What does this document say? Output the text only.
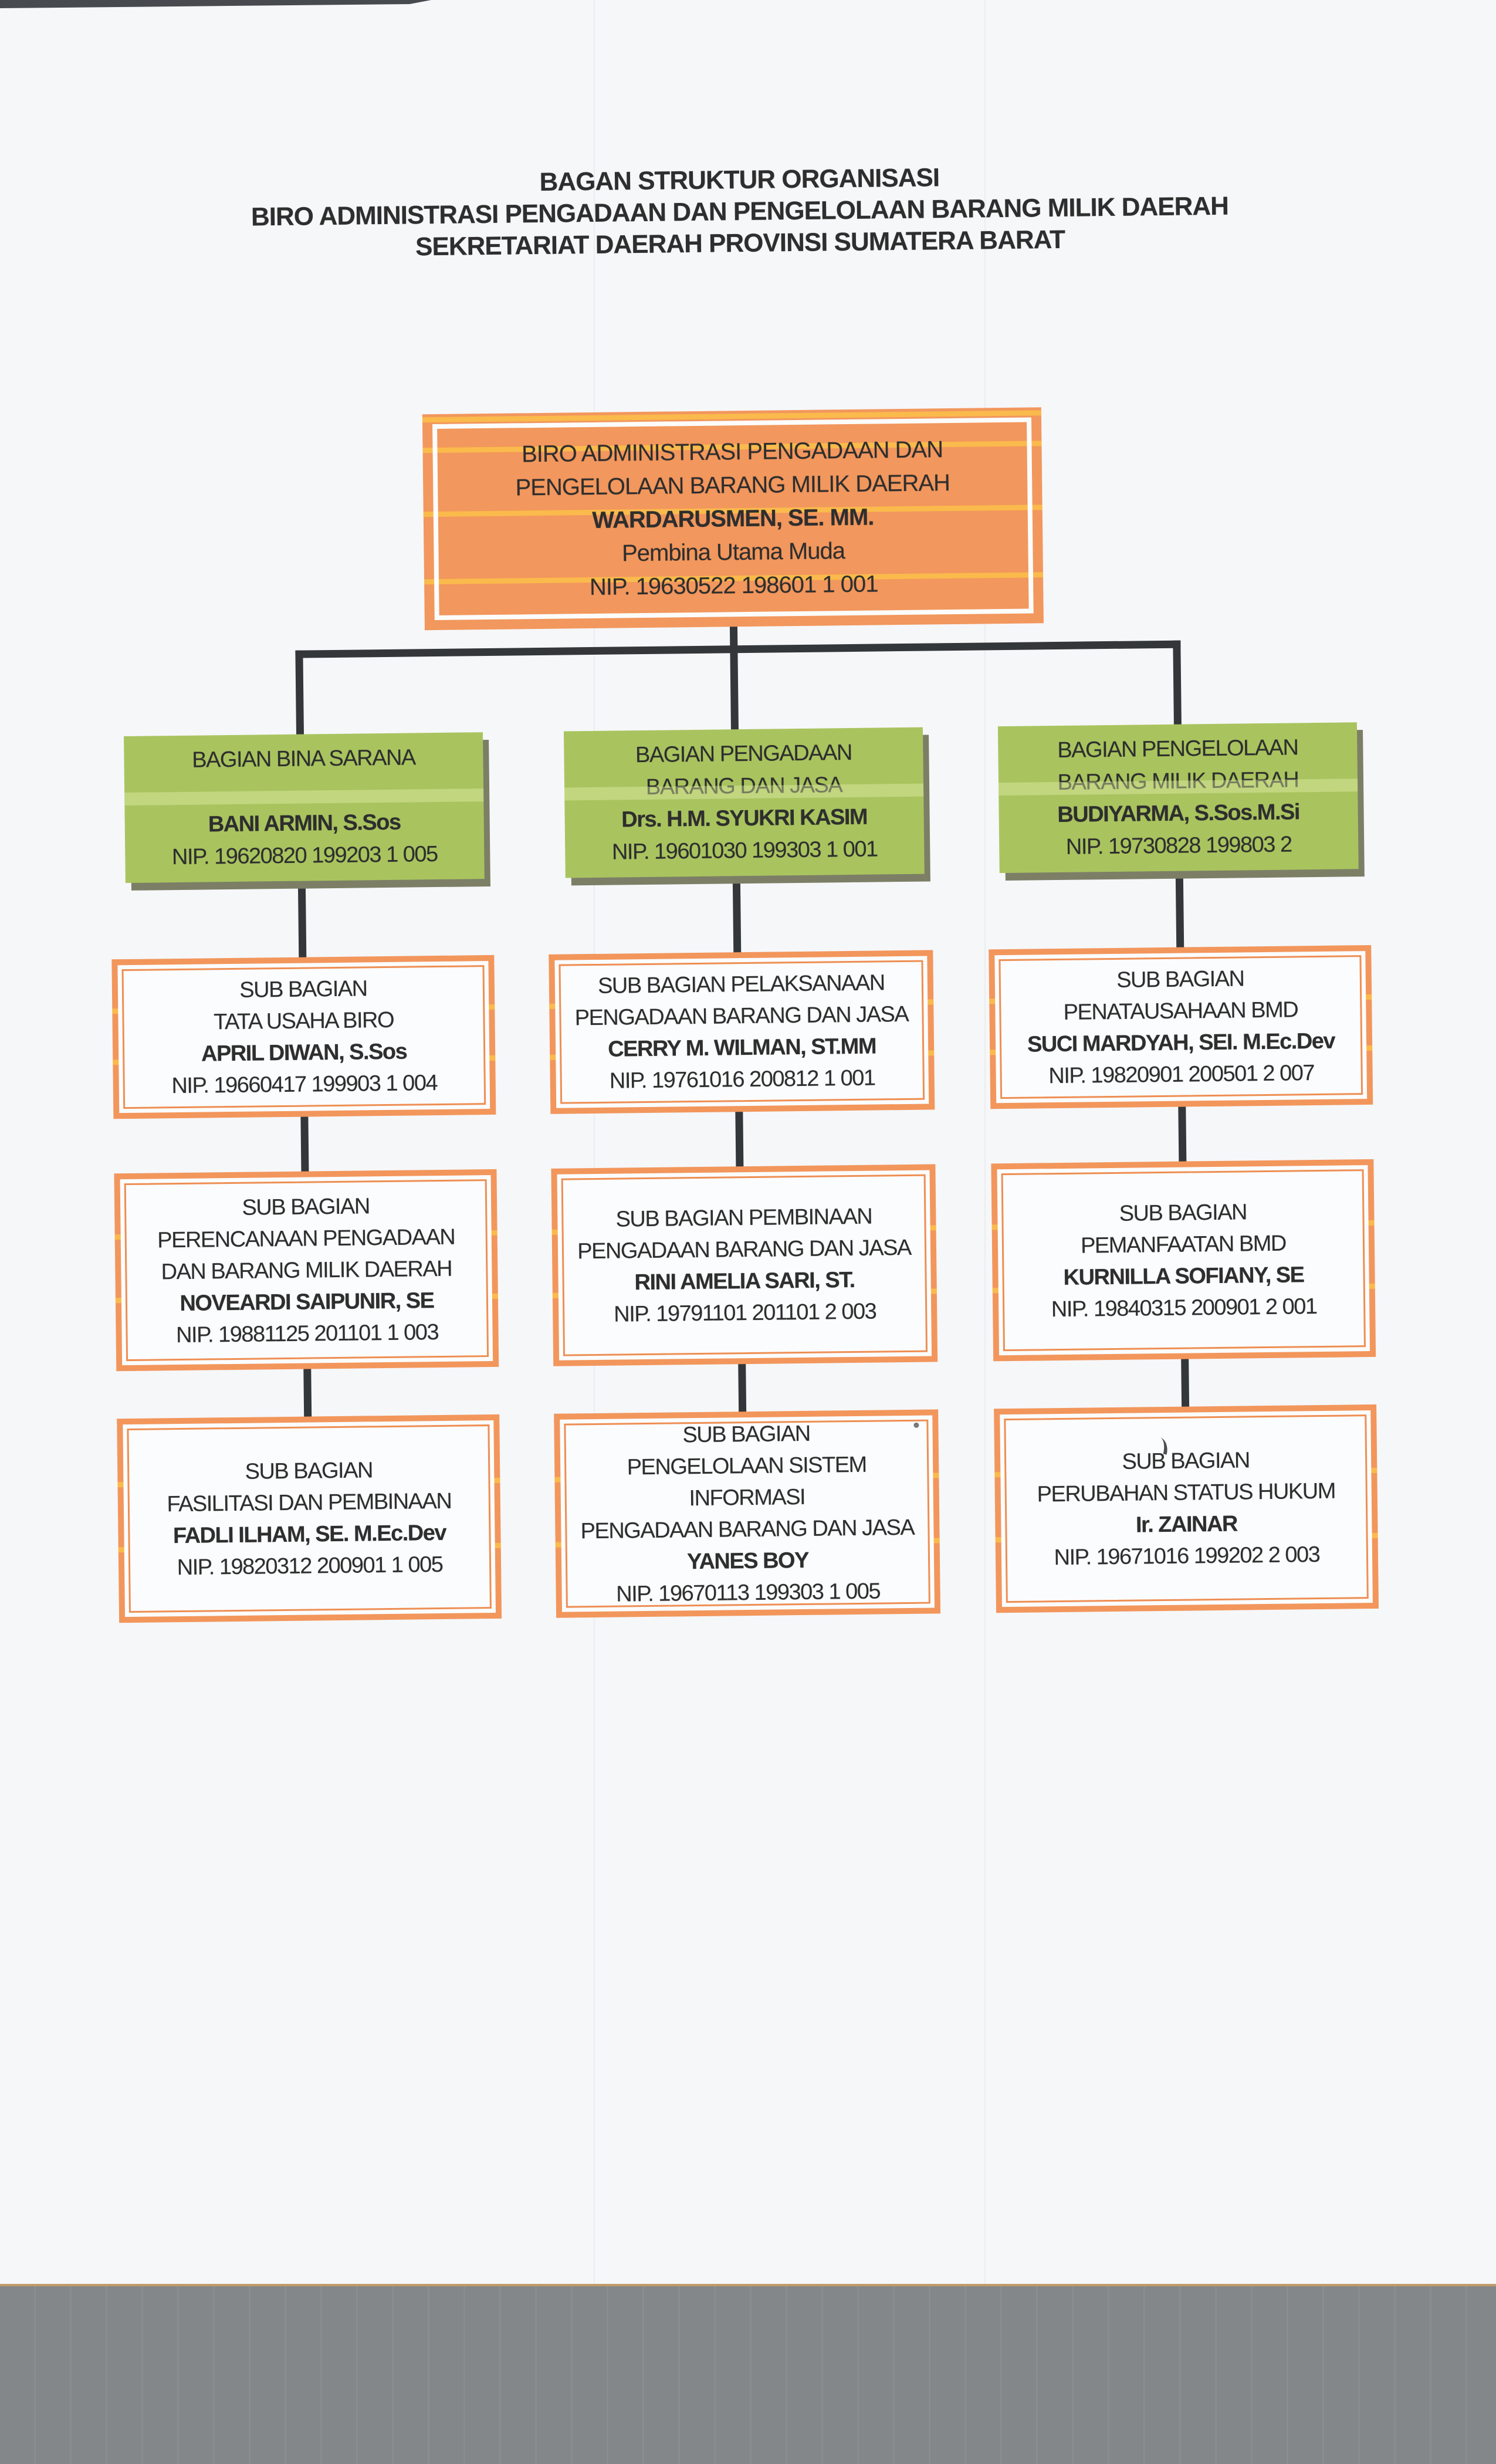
BAGAN STRUKTUR ORGANISASI
BIRO ADMINISTRASI PENGADAAN DAN PENGELOLAAN BARANG MILIK DAERAH
SEKRETARIAT DAERAH PROVINSI SUMATERA BARAT
BIRO ADMINISTRASI PENGADAAN DAN
PENGELOLAAN BARANG MILIK DAERAH
WARDARUSMEN, SE. MM.
Pembina Utama Muda
NIP. 19630522 198601 1 001
BAGIAN BINA SARANA
BANI ARMIN, S.Sos
NIP. 19620820 199203 1 005
BAGIAN PENGADAAN
BARANG DAN JASA
Drs. H.M. SYUKRI KASIM
NIP. 19601030 199303 1 001
BAGIAN PENGELOLAAN
BARANG MILIK DAERAH
BUDIYARMA, S.Sos.M.Si
NIP. 19730828 199803 2
SUB BAGIAN
TATA USAHA BIRO
APRIL DIWAN, S.Sos
NIP. 19660417 199903 1 004
SUB BAGIAN PELAKSANAAN
PENGADAAN BARANG DAN JASA
CERRY M. WILMAN, ST.MM
NIP. 19761016 200812 1 001
SUB BAGIAN
PENATAUSAHAAN BMD
SUCI MARDYAH, SEI. M.Ec.Dev
NIP. 19820901 200501 2 007
SUB BAGIAN
PERENCANAAN PENGADAAN
DAN BARANG MILIK DAERAH
NOVEARDI SAIPUNIR, SE
NIP. 19881125 201101 1 003
SUB BAGIAN PEMBINAAN
PENGADAAN BARANG DAN JASA
RINI AMELIA SARI, ST.
NIP. 19791101 201101 2 003
SUB BAGIAN
PEMANFAATAN BMD
KURNILLA SOFIANY, SE
NIP. 19840315 200901 2 001
SUB BAGIAN
FASILITASI DAN PEMBINAAN
FADLI ILHAM, SE. M.Ec.Dev
NIP. 19820312 200901 1 005
SUB BAGIAN
PENGELOLAAN SISTEM INFORMASI
PENGADAAN BARANG DAN JASA
YANES BOY
NIP. 19670113 199303 1 005
SUB BAGIAN
PERUBAHAN STATUS HUKUM
Ir. ZAINAR
NIP. 19671016 199202 2 003
